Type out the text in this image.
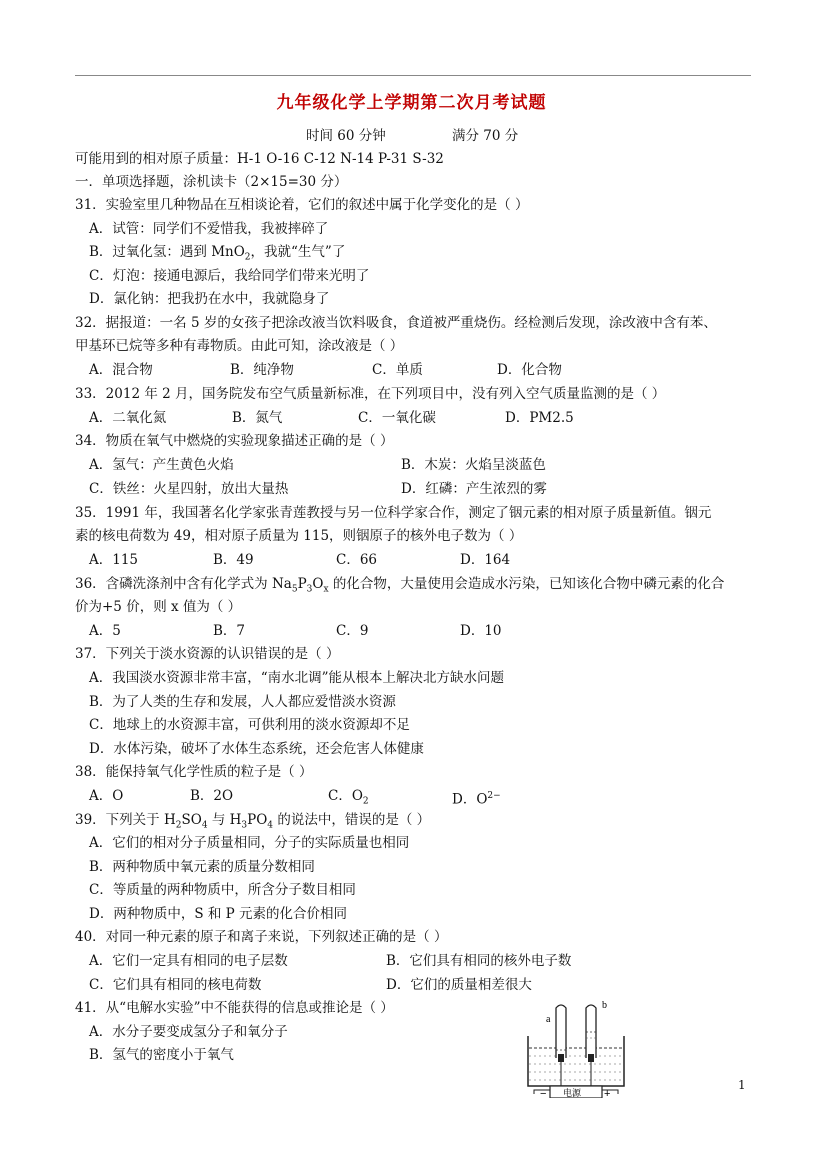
九年级化学上学期第二次月考试题
时间 60 分钟	满分 70 分
可能用到的相对原子质量：H-1 O-16 C-12 N-14 P-31 S-32
一．单项选择题，涂机读卡（2×15=30 分）
31．实验室里几种物品在互相谈论着，它们的叙述中属于化学变化的是（ ）
A．试管：同学们不爱惜我，我被摔碎了
B．过氧化氢：遇到 MnO$_2$，我就“生气”了
C．灯泡：接通电源后，我给同学们带来光明了
D．氯化钠：把我扔在水中，我就隐身了
32．据报道：一名 5 岁的女孩子把涂改液当饮料吸食，食道被严重烧伤。经检测后发现，涂改液中含有苯、
甲基环已烷等多种有毒物质。由此可知，涂改液是（ ）
A．混合物	B．纯净物	C．单质	D．化合物
33．2012 年 2 月，国务院发布空气质量新标准，在下列项目中，没有列入空气质量监测的是（ ）
A．二氧化氮	B．氮气	C．一氧化碳	D．PM2.5
34．物质在氧气中燃烧的实验现象描述正确的是（ ）
A．氢气：产生黄色火焰	B．木炭：火焰呈淡蓝色
C．铁丝：火星四射，放出大量热	D．红磷：产生浓烈的雾
35．1991 年，我国著名化学家张青莲教授与另一位科学家合作，测定了铟元素的相对原子质量新值。铟元
素的核电荷数为 49，相对原子质量为 115，则铟原子的核外电子数为（ ）
A．115	B．49	C．66	D．164
36．含磷洗涤剂中含有化学式为 $Na_5P_3O_x$ 的化合物，大量使用会造成水污染，已知该化合物中磷元素的化合
价为+5 价，则 x 值为（ ）
A．5	B．7	C．9	D．10
37．下列关于淡水资源的认识错误的是（ ）
A．我国淡水资源非常丰富，“南水北调”能从根本上解决北方缺水问题
B．为了人类的生存和发展，人人都应爱惜淡水资源
C．地球上的水资源丰富，可供利用的淡水资源却不足
D．水体污染，破坏了水体生态系统，还会危害人体健康
38．能保持氧气化学性质的粒子是（ ）
A．O	B．2O	C．$O_2$	D．$O^{2-}$
39．下列关于 $H_2SO_4$ 与 $H_3PO_4$ 的说法中，错误的是（ ）
A．它们的相对分子质量相同，分子的实际质量也相同
B．两种物质中氧元素的质量分数相同
C．等质量的两种物质中，所含分子数目相同
D．两种物质中，S 和 P 元素的化合价相同
40．对同一种元素的原子和离子来说，下列叙述正确的是（ ）
A．它们一定具有相同的电子层数	B．它们具有相同的核外电子数
C．它们具有相同的核电荷数	D．它们的质量相差很大
41．从“电解水实验”中不能获得的信息或推论是（ ）
A．水分子要变成氢分子和氧分子
B．氢气的密度小于氧气
a
b
−	+
电源
1
